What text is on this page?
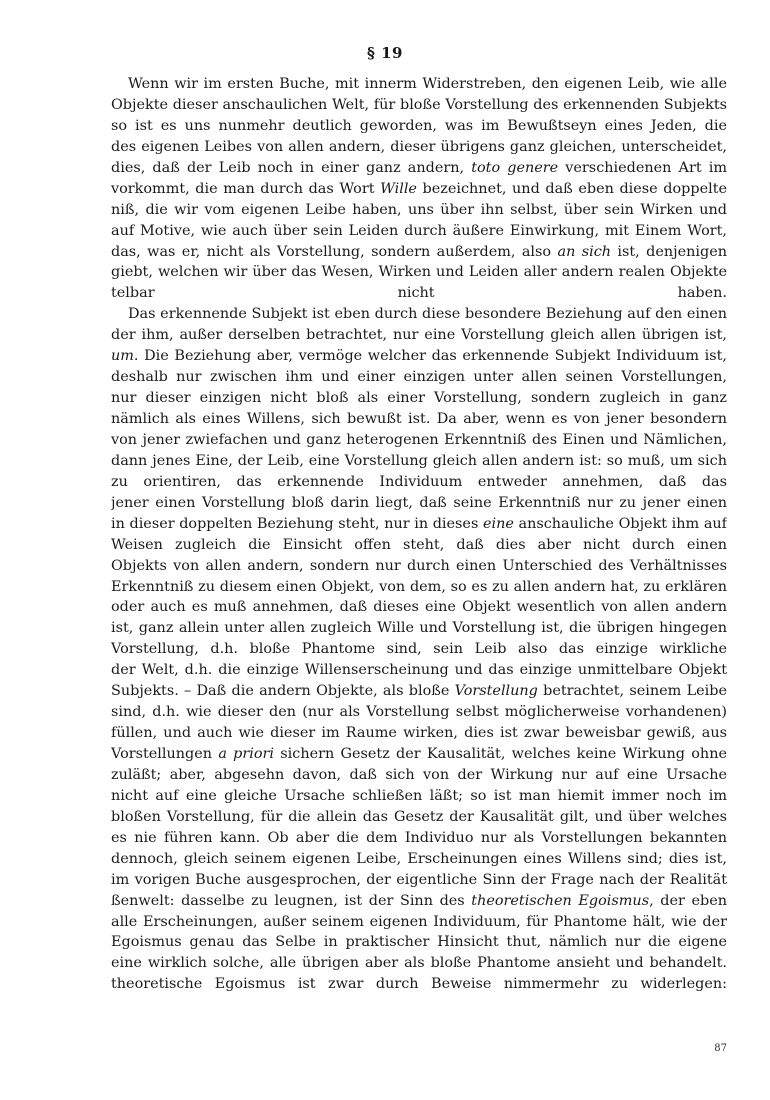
§ 19
Wenn wir im ersten Buche, mit innerm Widerstreben, den eigenen Leib, wie alle
Objekte dieser anschaulichen Welt, für bloße Vorstellung des erkennenden Subjekts
so ist es uns nunmehr deutlich geworden, was im Bewußtseyn eines Jeden, die
des eigenen Leibes von allen andern, dieser übrigens ganz gleichen, unterscheidet,
dies, daß der Leib noch in einer ganz andern, toto genere verschiedenen Art im
vorkommt, die man durch das Wort Wille bezeichnet, und daß eben diese doppelte
niß, die wir vom eigenen Leibe haben, uns über ihn selbst, über sein Wirken und
auf Motive, wie auch über sein Leiden durch äußere Einwirkung, mit Einem Wort,
das, was er, nicht als Vorstellung, sondern außerdem, also an sich ist, denjenigen
giebt, welchen wir über das Wesen, Wirken und Leiden aller andern realen Objekte
telbar nicht haben.
Das erkennende Subjekt ist eben durch diese besondere Beziehung auf den einen
der ihm, außer derselben betrachtet, nur eine Vorstellung gleich allen übrigen ist,
um. Die Beziehung aber, vermöge welcher das erkennende Subjekt Individuum ist,
deshalb nur zwischen ihm und einer einzigen unter allen seinen Vorstellungen,
nur dieser einzigen nicht bloß als einer Vorstellung, sondern zugleich in ganz
nämlich als eines Willens, sich bewußt ist. Da aber, wenn es von jener besondern
von jener zwiefachen und ganz heterogenen Erkenntniß des Einen und Nämlichen,
dann jenes Eine, der Leib, eine Vorstellung gleich allen andern ist: so muß, um sich
zu orientiren, das erkennende Individuum entweder annehmen, daß das
jener einen Vorstellung bloß darin liegt, daß seine Erkenntniß nur zu jener einen
in dieser doppelten Beziehung steht, nur in dieses eine anschauliche Objekt ihm auf
Weisen zugleich die Einsicht offen steht, daß dies aber nicht durch einen
Objekts von allen andern, sondern nur durch einen Unterschied des Verhältnisses
Erkenntniß zu diesem einen Objekt, von dem, so es zu allen andern hat, zu erklären
oder auch es muß annehmen, daß dieses eine Objekt wesentlich von allen andern
ist, ganz allein unter allen zugleich Wille und Vorstellung ist, die übrigen hingegen
Vorstellung, d.h. bloße Phantome sind, sein Leib also das einzige wirkliche
der Welt, d.h. die einzige Willenserscheinung und das einzige unmittelbare Objekt
Subjekts. – Daß die andern Objekte, als bloße Vorstellung betrachtet, seinem Leibe
sind, d.h. wie dieser den (nur als Vorstellung selbst möglicherweise vorhandenen)
füllen, und auch wie dieser im Raume wirken, dies ist zwar beweisbar gewiß, aus
Vorstellungen a priori sichern Gesetz der Kausalität, welches keine Wirkung ohne
zuläßt; aber, abgesehn davon, daß sich von der Wirkung nur auf eine Ursache
nicht auf eine gleiche Ursache schließen läßt; so ist man hiemit immer noch im
bloßen Vorstellung, für die allein das Gesetz der Kausalität gilt, und über welches
es nie führen kann. Ob aber die dem Individuo nur als Vorstellungen bekannten
dennoch, gleich seinem eigenen Leibe, Erscheinungen eines Willens sind; dies ist,
im vorigen Buche ausgesprochen, der eigentliche Sinn der Frage nach der Realität
ßenwelt: dasselbe zu leugnen, ist der Sinn des theoretischen Egoismus, der eben
alle Erscheinungen, außer seinem eigenen Individuum, für Phantome hält, wie der
Egoismus genau das Selbe in praktischer Hinsicht thut, nämlich nur die eigene
eine wirklich solche, alle übrigen aber als bloße Phantome ansieht und behandelt.
theoretische Egoismus ist zwar durch Beweise nimmermehr zu widerlegen:
87
